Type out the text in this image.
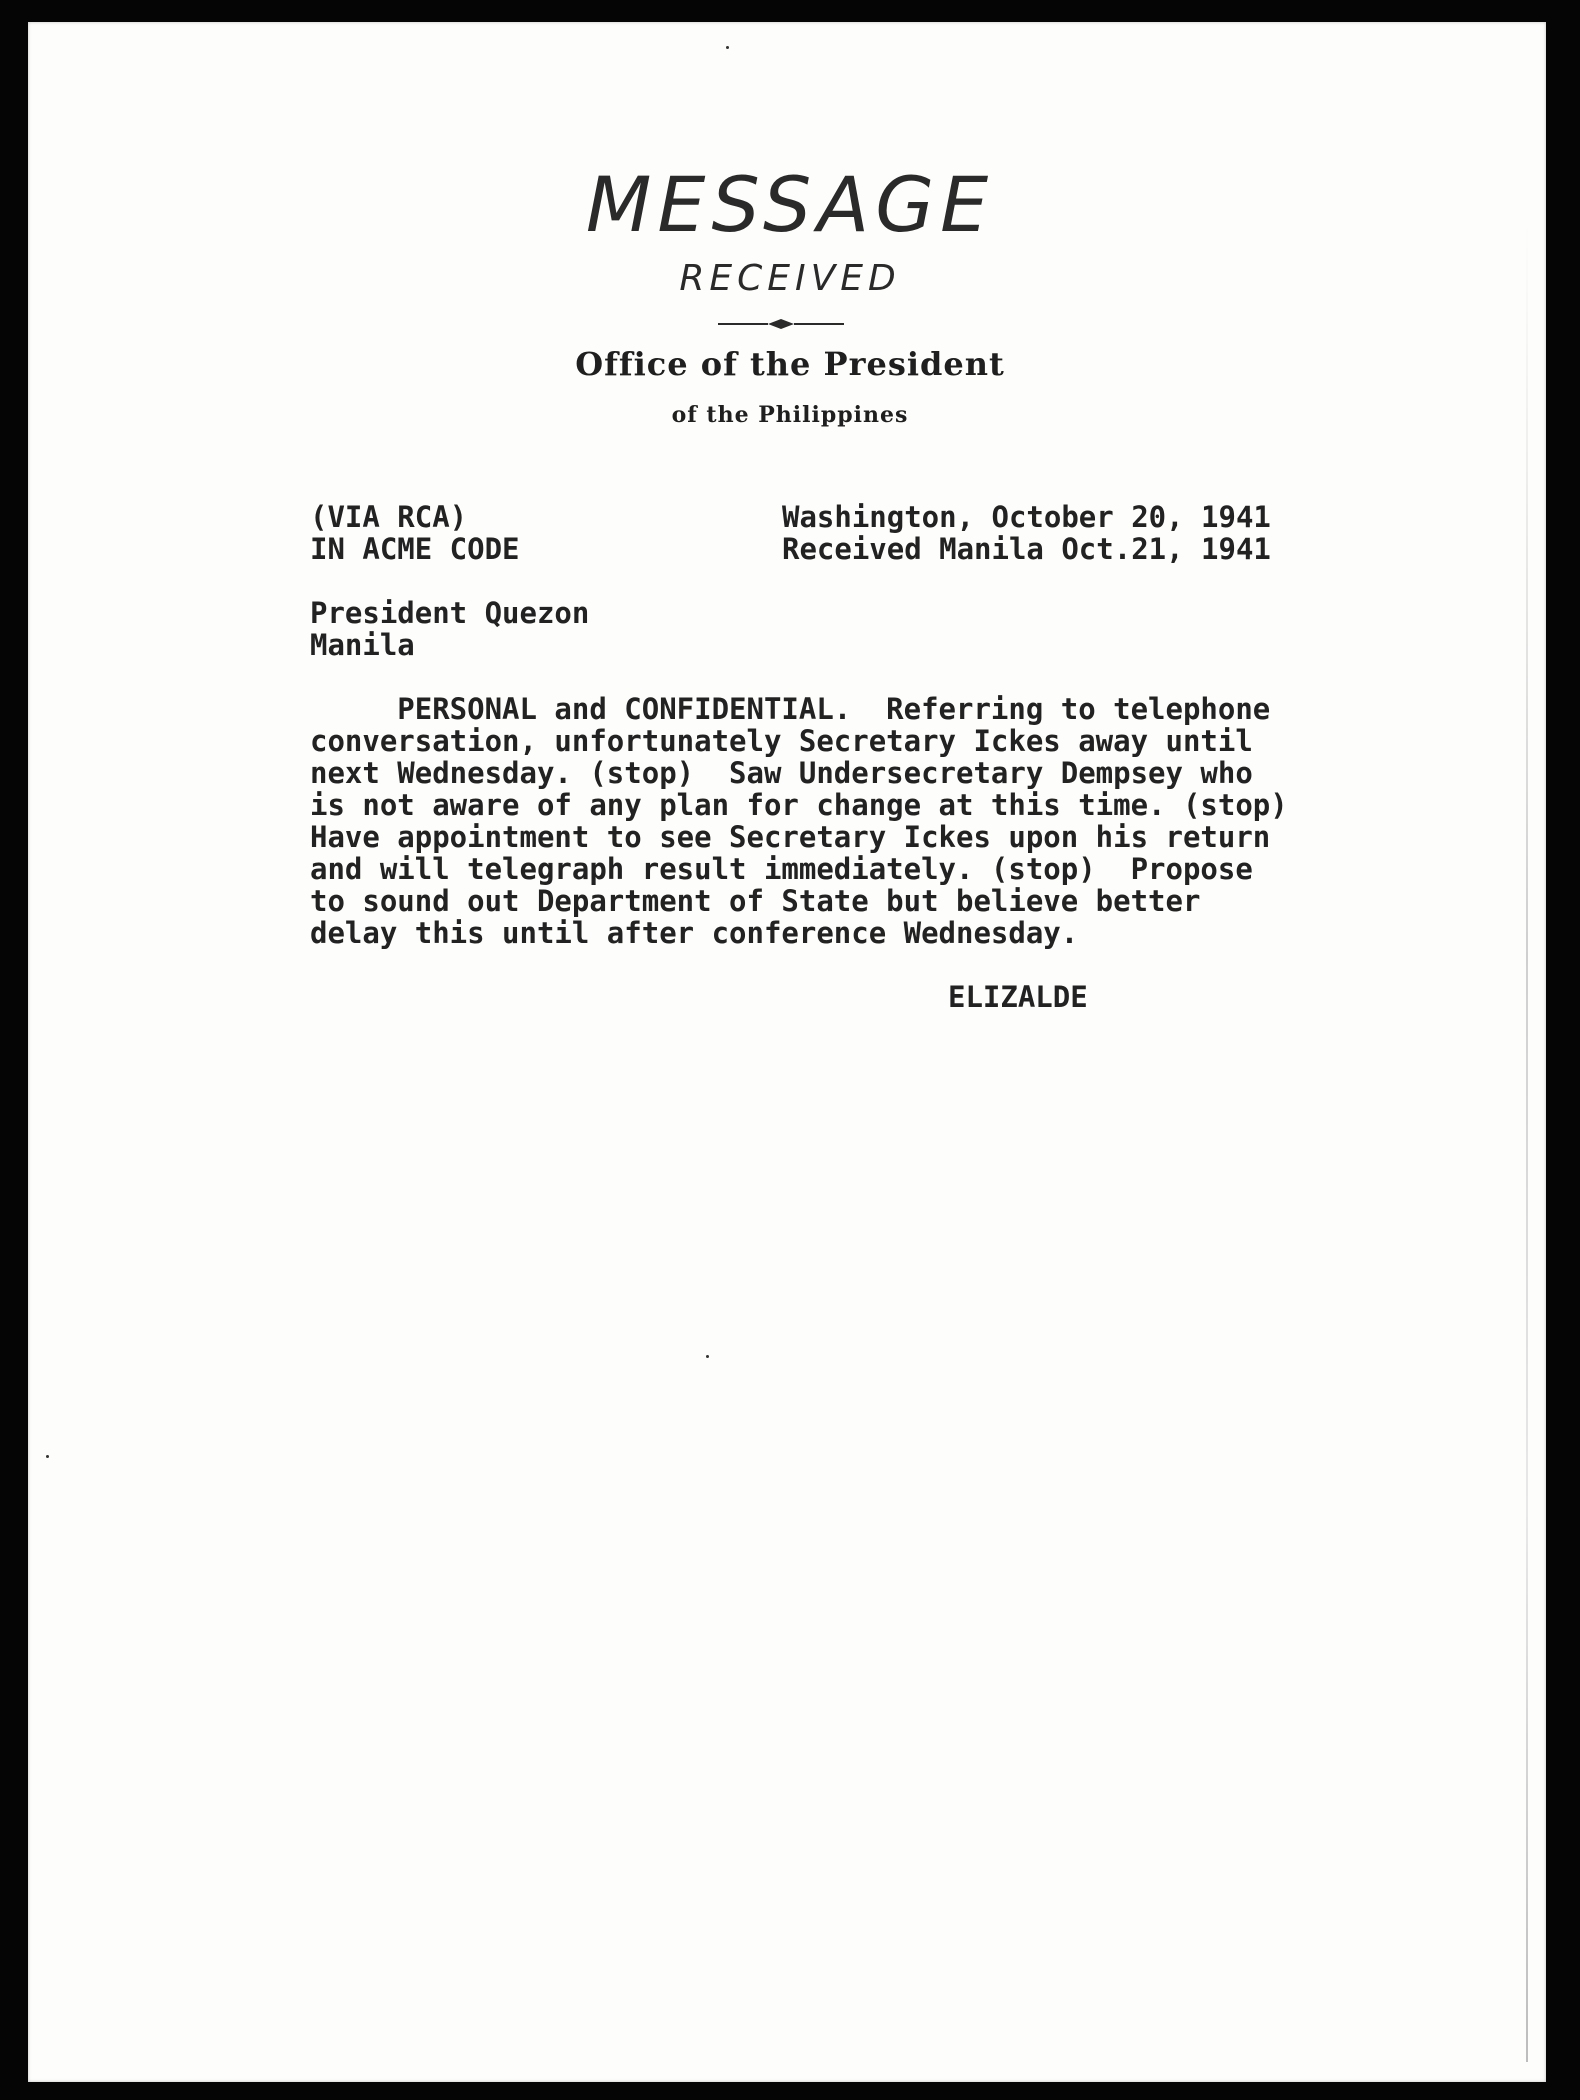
MESSAGE
RECEIVED
Office of the President
of the Philippines
(VIA RCA)
IN ACME CODE
Washington, October 20, 1941
Received Manila Oct.21, 1941
President Quezon
Manila
PERSONAL and CONFIDENTIAL.  Referring to telephone
conversation, unfortunately Secretary Ickes away until
next Wednesday. (stop)  Saw Undersecretary Dempsey who
is not aware of any plan for change at this time. (stop)
Have appointment to see Secretary Ickes upon his return
and will telegraph result immediately. (stop)  Propose
to sound out Department of State but believe better
delay this until after conference Wednesday.
ELIZALDE
